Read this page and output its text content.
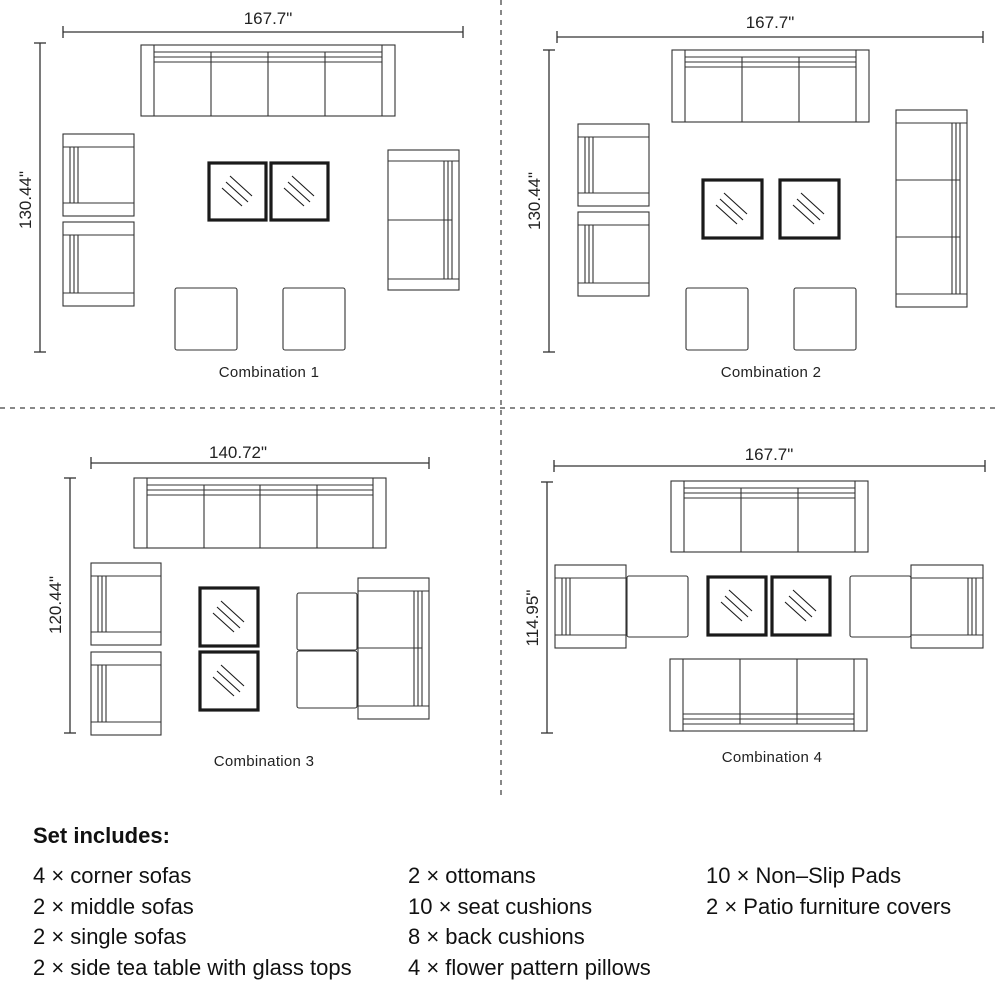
167.7"
130.44"
Combination 1
167.7"
130.44"
Combination 2
140.72"
120.44"
Combination 3
167.7"
114.95"
Combination 4
Set includes:
4 × corner sofas
2 × middle sofas
2 × single sofas
2 × side tea table with glass tops
2 × ottomans
10 × seat cushions
8 × back cushions
4 × flower pattern pillows
10 × Non–Slip Pads
2 × Patio furniture covers
